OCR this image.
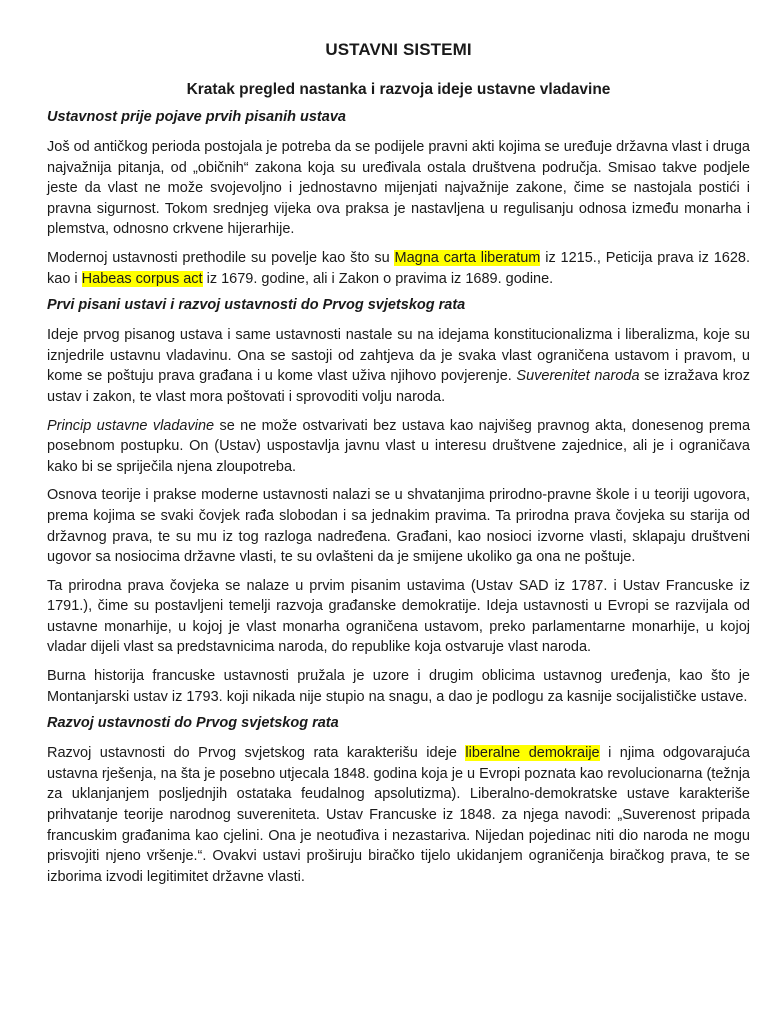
USTAVNI SISTEMI
Kratak pregled nastanka i razvoja ideje ustavne vladavine
Ustavnost prije pojave prvih pisanih ustava

Još od antičkog perioda postojala je potreba da se podijele pravni akti kojima se uređuje državna vlast i druga najvažnija pitanja, od „običnih“ zakona koja su uređivala ostala društvena područja. Smisao takve podjele jeste da vlast ne može svojevoljno i jednostavno mijenjati najvažnije zakone, čime se nastojala postići i pravna sigurnost. Tokom srednjeg vijeka ova praksa je nastavljena u regulisanju odnosa između monarha i plemstva, odnosno crkvene hijerarhije.

Modernoj ustavnosti prethodile su povelje kao što su Magna carta liberatum iz 1215., Peticija prava iz 1628. kao i Habeas corpus act iz 1679. godine, ali i Zakon o pravima iz 1689. godine.

Prvi pisani ustavi i razvoj ustavnosti do Prvog svjetskog rata

Ideje prvog pisanog ustava i same ustavnosti nastale su na idejama konstitucionalizma i liberalizma, koje su iznjedrile ustavnu vladavinu. Ona se sastoji od zahtjeva da je svaka vlast ograničena ustavom i pravom, u kome se poštuju prava građana i u kome vlast uživa njihovo povjerenje. Suverenitet naroda se izražava kroz ustav i zakon, te vlast mora poštovati i sprovoditi volju naroda.

Princip ustavne vladavine se ne može ostvarivati bez ustava kao najvišeg pravnog akta, donesenog prema posebnom postupku. On (Ustav) uspostavlja javnu vlast u interesu društvene zajednice, ali je i ograničava kako bi se spriječila njena zloupotreba.

Osnova teorije i prakse moderne ustavnosti nalazi se u shvatanjima prirodno-pravne škole i u teoriji ugovora, prema kojima se svaki čovjek rađa slobodan i sa jednakim pravima. Ta prirodna prava čovjeka su starija od državnog prava, te su mu iz tog razloga nadređena. Građani, kao nosioci izvorne vlasti, sklapaju društveni ugovor sa nosiocima državne vlasti, te su ovlašteni da je smijene ukoliko ga ona ne poštuje.

Ta prirodna prava čovjeka se nalaze u prvim pisanim ustavima (Ustav SAD iz 1787. i Ustav Francuske iz 1791.), čime su postavljeni temelji razvoja građanske demokratije. Ideja ustavnosti u Evropi se razvijala od ustavne monarhije, u kojoj je vlast monarha ograničena ustavom, preko parlamentarne monarhije, u kojoj vladar dijeli vlast sa predstavnicima naroda, do republike koja ostvaruje vlast naroda.

Burna historija francuske ustavnosti pružala je uzore i drugim oblicima ustavnog uređenja, kao što je Montanjarski ustav iz 1793. koji nikada nije stupio na snagu, a dao je podlogu za kasnije socijalističke ustave.

Razvoj ustavnosti do Prvog svjetskog rata

Razvoj ustavnosti do Prvog svjetskog rata karakterišu ideje liberalne demokraije i njima odgovarajuća ustavna rješenja, na šta je posebno utjecala 1848. godina koja je u Evropi poznata kao revolucionarna (težnja za uklanjanjem posljednjih ostataka feudalnog apsolutizma). Liberalno-demokratske ustave karakteriše prihvatanje teorije narodnog suvereniteta. Ustav Francuske iz 1848. za njega navodi: „Suverenost pripada francuskim građanima kao cjelini. Ona je neotuđiva i nezastariva. Nijedan pojedinac niti dio naroda ne mogu prisvojiti njeno vršenje.“. Ovakvi ustavi proširuju biračko tijelo ukidanjem ograničenja biračkog prava, te se izborima izvodi legitimitet državne vlasti.
